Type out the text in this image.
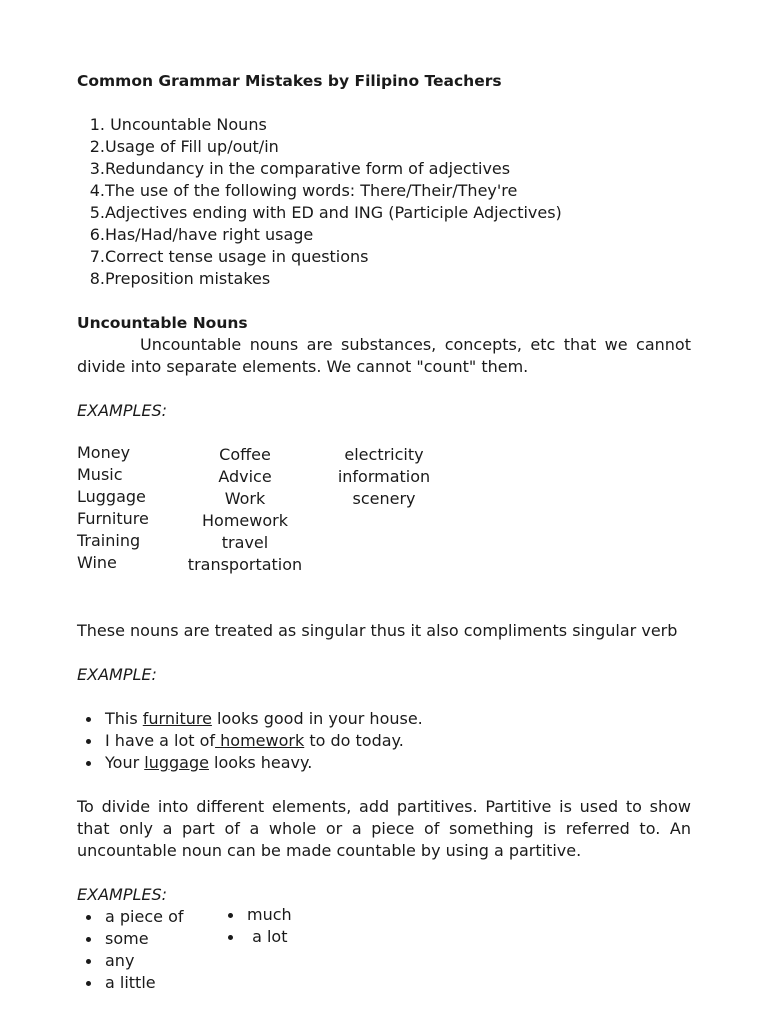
Common Grammar Mistakes by Filipino Teachers

1. Uncountable Nouns
2. Usage of Fill up/out/in
3. Redundancy in the comparative form of adjectives
4. The use of the following words: There/Their/They're
5. Adjectives ending with ED and ING (Participle Adjectives)
6. Has/Had/have right usage
7. Correct tense usage in questions
8. Preposition mistakes

Uncountable Nouns

Uncountable nouns are substances, concepts, etc that we cannot divide into separate elements. We cannot "count" them.

EXAMPLES:

Money
Music
Luggage
Furniture
Training
Wine
Coffee
Advice
Work
Homework
travel
transportation
electricity
information
scenery

These nouns are treated as singular thus it also compliments singular verb

EXAMPLE:

This furniture looks good in your house.
I have a lot of homework to do today.
Your luggage looks heavy.

To divide into different elements, add partitives. Partitive is used to show that only a part of a whole or a piece of something is referred to. An uncountable noun can be made countable by using a partitive.

EXAMPLES:

a piece of
some
any
a little
much
a lot
